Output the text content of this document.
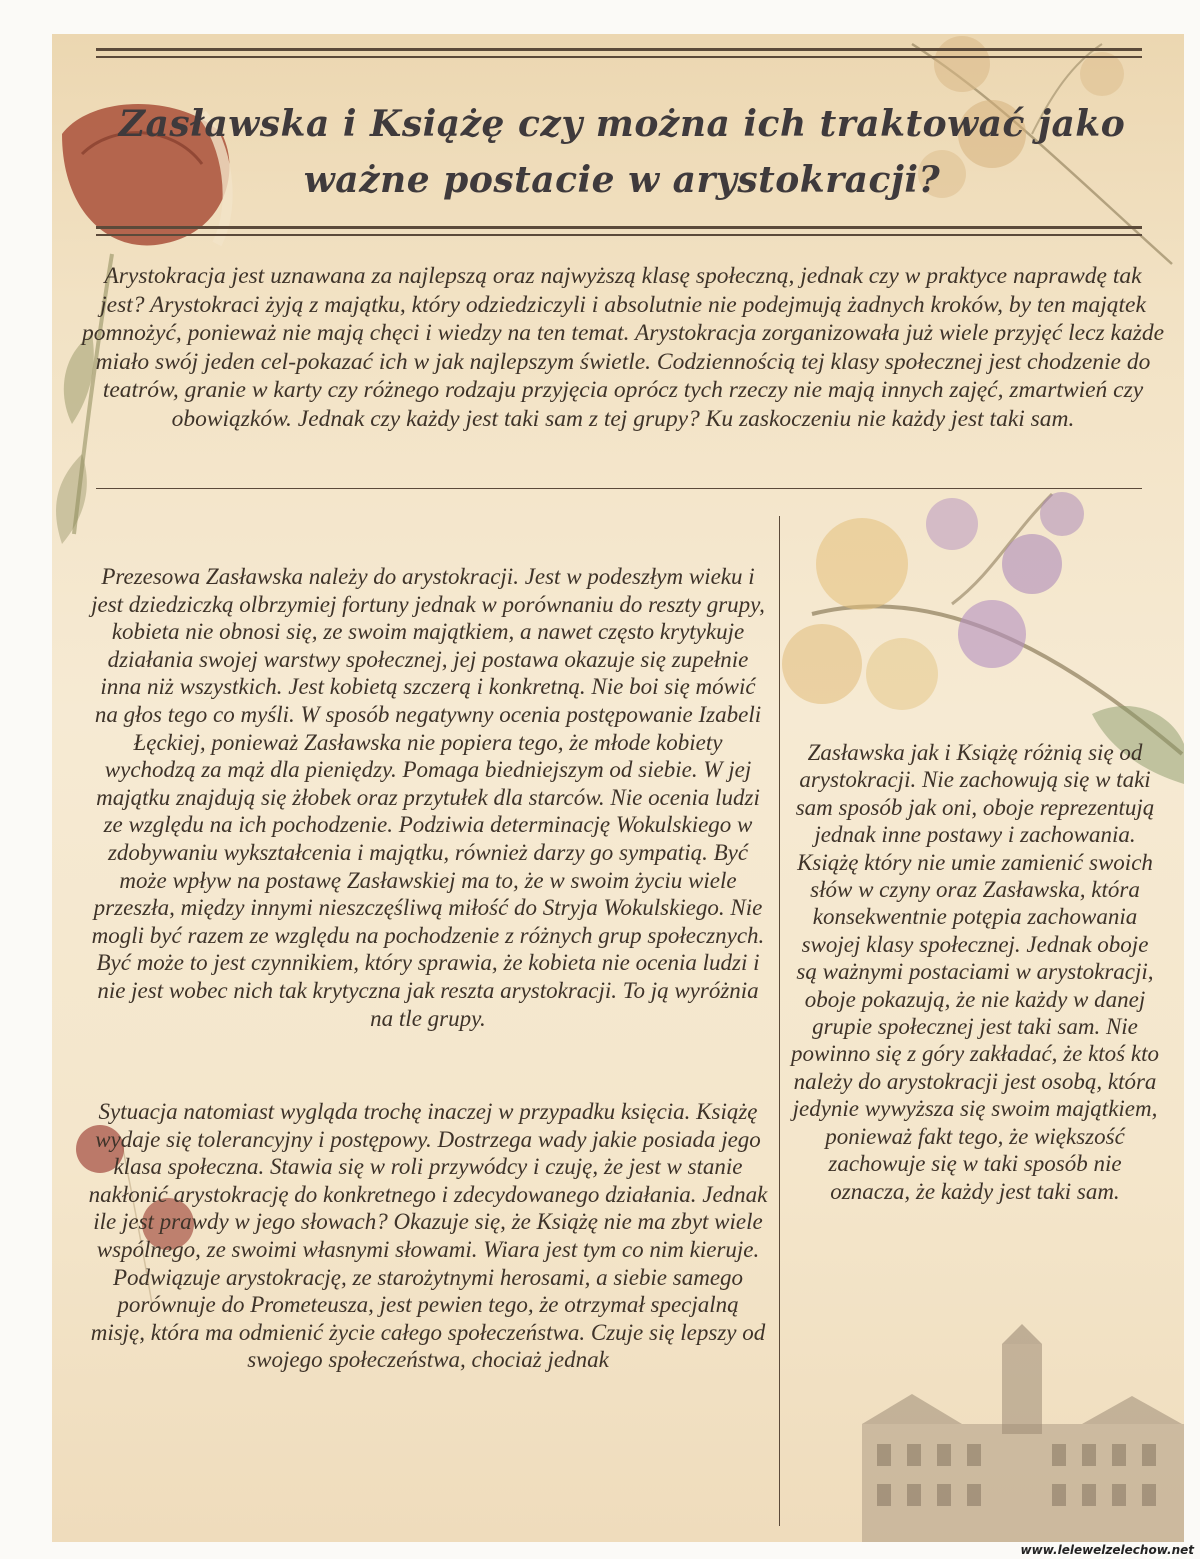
Zasławska i Książę czy można ich traktować jako ważne postacie w arystokracji?
Arystokracja jest uznawana za najlepszą oraz najwyższą klasę społeczną, jednak czy w praktyce naprawdę tak jest? Arystokraci żyją z majątku, który odziedziczyli i absolutnie nie podejmują żadnych kroków, by ten majątek pomnożyć, ponieważ nie mają chęci i wiedzy na ten temat. Arystokracja zorganizowała już wiele przyjęć lecz każde miało swój jeden cel-pokazać ich w jak najlepszym świetle. Codziennością tej klasy społecznej jest chodzenie do teatrów, granie w karty czy różnego rodzaju przyjęcia oprócz tych rzeczy nie mają innych zajęć, zmartwień czy obowiązków. Jednak czy każdy jest taki sam z tej grupy? Ku zaskoczeniu nie każdy jest taki sam.

Prezesowa Zasławska należy do arystokracji. Jest w podeszłym wieku i jest dziedziczką olbrzymiej fortuny jednak w porównaniu do reszty grupy, kobieta nie obnosi się, ze swoim majątkiem, a nawet często krytykuje działania swojej warstwy społecznej, jej postawa okazuje się zupełnie inna niż wszystkich. Jest kobietą szczerą i konkretną. Nie boi się mówić na głos tego co myśli. W sposób negatywny ocenia postępowanie Izabeli Łęckiej, ponieważ Zasławska nie popiera tego, że młode kobiety wychodzą za mąż dla pieniędzy. Pomaga biedniejszym od siebie. W jej majątku znajdują się żłobek oraz przytułek dla starców. Nie ocenia ludzi ze względu na ich pochodzenie. Podziwia determinację Wokulskiego w zdobywaniu wykształcenia i majątku, również darzy go sympatią. Być może wpływ na postawę Zasławskiej ma to, że w swoim życiu wiele przeszła, między innymi nieszczęśliwą miłość do Stryja Wokulskiego. Nie mogli być razem ze względu na pochodzenie z różnych grup społecznych. Być może to jest czynnikiem, który sprawia, że kobieta nie ocenia ludzi i nie jest wobec nich tak krytyczna jak reszta arystokracji. To ją wyróżnia na tle grupy.

Sytuacja natomiast wygląda trochę inaczej w przypadku księcia. Książę wydaje się tolerancyjny i postępowy. Dostrzega wady jakie posiada jego klasa społeczna. Stawia się w roli przywódcy i czuję, że jest w stanie nakłonić arystokrację do konkretnego i zdecydowanego działania. Jednak ile jest prawdy w jego słowach? Okazuje się, że Książę nie ma zbyt wiele wspólnego, ze swoimi własnymi słowami. Wiara jest tym co nim kieruje. Podwiązuje arystokrację, ze starożytnymi herosami, a siebie samego porównuje do Prometeusza, jest pewien tego, że otrzymał specjalną misję, która ma odmienić życie całego społeczeństwa. Czuje się lepszy od swojego społeczeństwa, chociaż jednak

Zasławska jak i Książę różnią się od arystokracji. Nie zachowują się w taki sam sposób jak oni, oboje reprezentują jednak inne postawy i zachowania. Książę który nie umie zamienić swoich słów w czyny oraz Zasławska, która konsekwentnie potępia zachowania swojej klasy społecznej. Jednak oboje są ważnymi postaciami w arystokracji, oboje pokazują, że nie każdy w danej grupie społecznej jest taki sam. Nie powinno się z góry zakładać, że ktoś kto należy do arystokracji jest osobą, która jedynie wywyższa się swoim majątkiem, ponieważ fakt tego, że większość zachowuje się w taki sposób nie oznacza, że każdy jest taki sam.
www.lelewelzelechow.net
